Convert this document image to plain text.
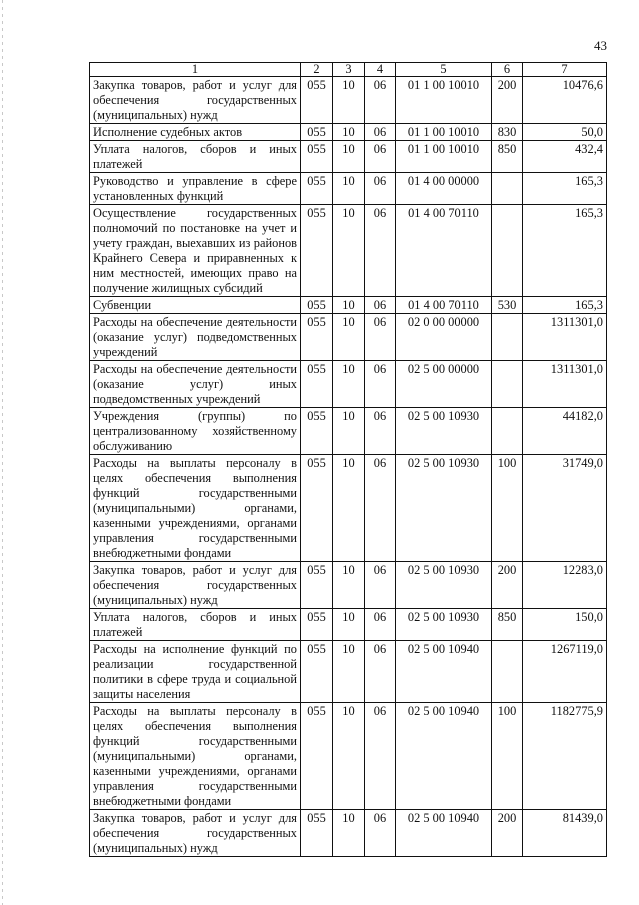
43
1	2	3	4	5	6	7
Закупка товаров, работ и услуг для обеспечения государственных (муниципальных) нужд	055	10	06	01 1 00 10010	200	10476,6
Исполнение судебных актов	055	10	06	01 1 00 10010	830	50,0
Уплата налогов, сборов и иных платежей	055	10	06	01 1 00 10010	850	432,4
Руководство и управление в сфере установленных функций	055	10	06	01 4 00 00000		165,3
Осуществление государственных полномочий по постановке на учет и учету граждан, выехавших из районов Крайнего Севера и приравненных к ним местностей, имеющих право на получение жилищных субсидий	055	10	06	01 4 00 70110		165,3
Субвенции	055	10	06	01 4 00 70110	530	165,3
Расходы на обеспечение деятельности (оказание услуг) подведомственных учреждений	055	10	06	02 0 00 00000		1311301,0
Расходы на обеспечение деятельности (оказание услуг) иных подведомственных учреждений	055	10	06	02 5 00 00000		1311301,0
Учреждения (группы) по централизованному хозяйственному обслуживанию	055	10	06	02 5 00 10930		44182,0
Расходы на выплаты персоналу в целях обеспечения выполнения функций государственными (муниципальными) органами, казенными учреждениями, органами управления государственными внебюджетными фондами	055	10	06	02 5 00 10930	100	31749,0
Закупка товаров, работ и услуг для обеспечения государственных (муниципальных) нужд	055	10	06	02 5 00 10930	200	12283,0
Уплата налогов, сборов и иных платежей	055	10	06	02 5 00 10930	850	150,0
Расходы на исполнение функций по реализации государственной политики в сфере труда и социальной защиты населения	055	10	06	02 5 00 10940		1267119,0
Расходы на выплаты персоналу в целях обеспечения выполнения функций государственными (муниципальными) органами, казенными учреждениями, органами управления государственными внебюджетными фондами	055	10	06	02 5 00 10940	100	1182775,9
Закупка товаров, работ и услуг для обеспечения государственных (муниципальных) нужд	055	10	06	02 5 00 10940	200	81439,0
